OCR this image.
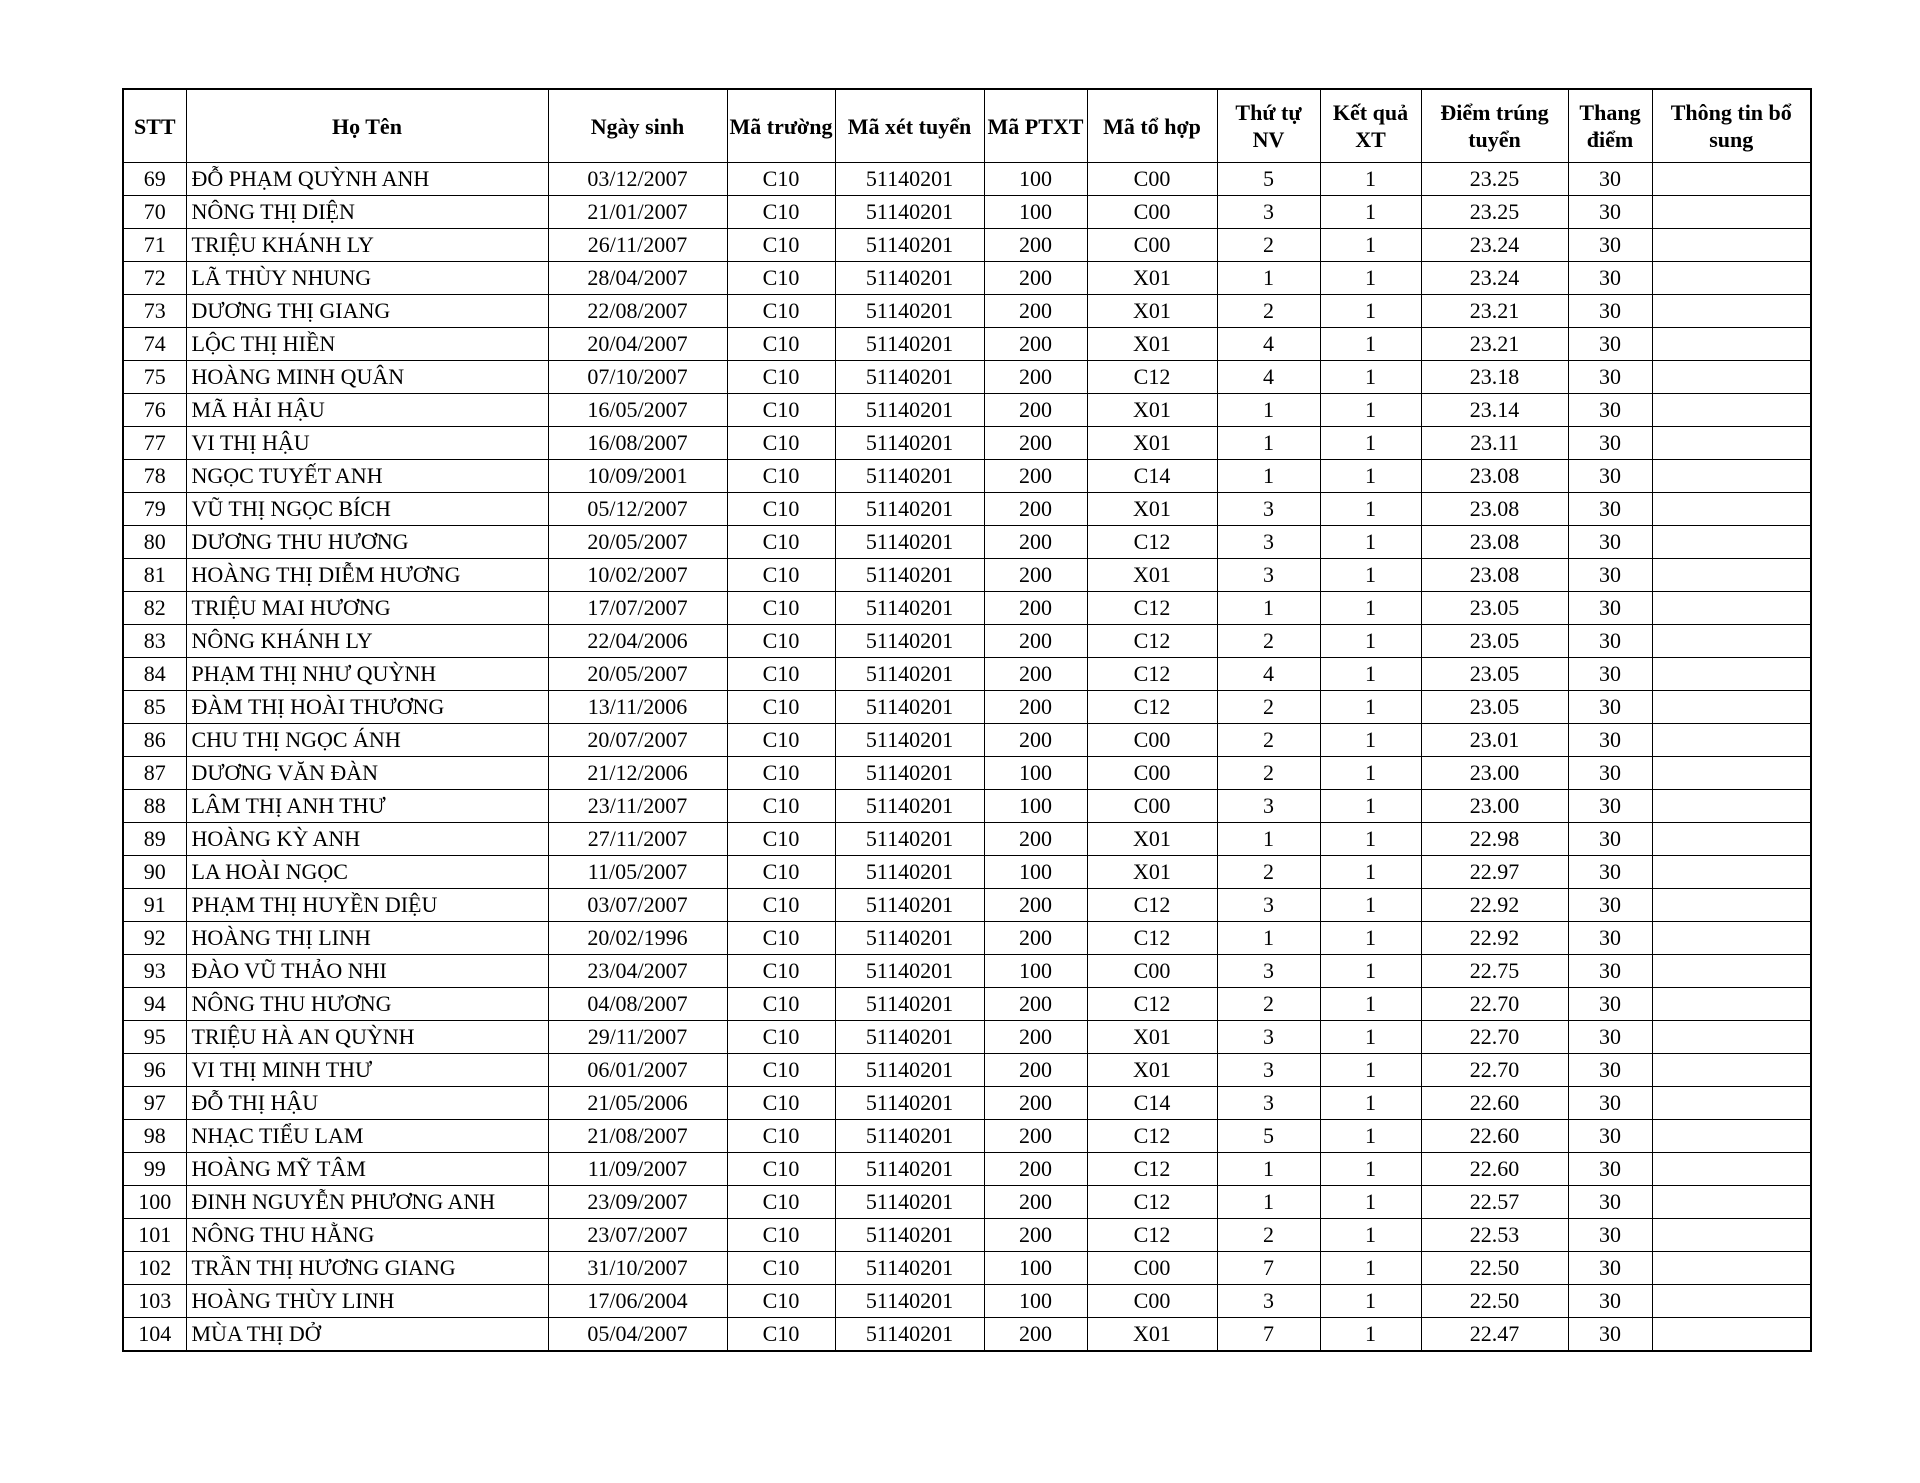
STT	Họ Tên	Ngày sinh	Mã trường	Mã xét tuyển	Mã PTXT	Mã tổ hợp	Thứ tự NV	Kết quả XT	Điểm trúng tuyển	Thang điểm	Thông tin bổ sung
69	ĐỖ PHẠM QUỲNH ANH	03/12/2007	C10	51140201	100	C00	5	1	23.25	30	
70	NÔNG THỊ DIỆN	21/01/2007	C10	51140201	100	C00	3	1	23.25	30	
71	TRIỆU KHÁNH LY	26/11/2007	C10	51140201	200	C00	2	1	23.24	30	
72	LÃ THÙY NHUNG	28/04/2007	C10	51140201	200	X01	1	1	23.24	30	
73	DƯƠNG THỊ GIANG	22/08/2007	C10	51140201	200	X01	2	1	23.21	30	
74	LỘC THỊ HIỀN	20/04/2007	C10	51140201	200	X01	4	1	23.21	30	
75	HOÀNG MINH QUÂN	07/10/2007	C10	51140201	200	C12	4	1	23.18	30	
76	MÃ HẢI HẬU	16/05/2007	C10	51140201	200	X01	1	1	23.14	30	
77	VI THỊ HẬU	16/08/2007	C10	51140201	200	X01	1	1	23.11	30	
78	NGỌC TUYẾT ANH	10/09/2001	C10	51140201	200	C14	1	1	23.08	30	
79	VŨ THỊ NGỌC BÍCH	05/12/2007	C10	51140201	200	X01	3	1	23.08	30	
80	DƯƠNG THU HƯƠNG	20/05/2007	C10	51140201	200	C12	3	1	23.08	30	
81	HOÀNG THỊ DIỄM HƯƠNG	10/02/2007	C10	51140201	200	X01	3	1	23.08	30	
82	TRIỆU MAI HƯƠNG	17/07/2007	C10	51140201	200	C12	1	1	23.05	30	
83	NÔNG KHÁNH LY	22/04/2006	C10	51140201	200	C12	2	1	23.05	30	
84	PHẠM THỊ NHƯ QUỲNH	20/05/2007	C10	51140201	200	C12	4	1	23.05	30	
85	ĐÀM THỊ HOÀI THƯƠNG	13/11/2006	C10	51140201	200	C12	2	1	23.05	30	
86	CHU THỊ NGỌC ÁNH	20/07/2007	C10	51140201	200	C00	2	1	23.01	30	
87	DƯƠNG VĂN ĐÀN	21/12/2006	C10	51140201	100	C00	2	1	23.00	30	
88	LÂM THỊ ANH THƯ	23/11/2007	C10	51140201	100	C00	3	1	23.00	30	
89	HOÀNG KỲ ANH	27/11/2007	C10	51140201	200	X01	1	1	22.98	30	
90	LA HOÀI NGỌC	11/05/2007	C10	51140201	100	X01	2	1	22.97	30	
91	PHẠM THỊ HUYỀN DIỆU	03/07/2007	C10	51140201	200	C12	3	1	22.92	30	
92	HOÀNG THỊ LINH	20/02/1996	C10	51140201	200	C12	1	1	22.92	30	
93	ĐÀO VŨ THẢO NHI	23/04/2007	C10	51140201	100	C00	3	1	22.75	30	
94	NÔNG THU HƯƠNG	04/08/2007	C10	51140201	200	C12	2	1	22.70	30	
95	TRIỆU HÀ AN QUỲNH	29/11/2007	C10	51140201	200	X01	3	1	22.70	30	
96	VI THỊ MINH THƯ	06/01/2007	C10	51140201	200	X01	3	1	22.70	30	
97	ĐỖ THỊ HẬU	21/05/2006	C10	51140201	200	C14	3	1	22.60	30	
98	NHẠC TIỂU LAM	21/08/2007	C10	51140201	200	C12	5	1	22.60	30	
99	HOÀNG MỸ TÂM	11/09/2007	C10	51140201	200	C12	1	1	22.60	30	
100	ĐINH NGUYỄN PHƯƠNG ANH	23/09/2007	C10	51140201	200	C12	1	1	22.57	30	
101	NÔNG THU HẰNG	23/07/2007	C10	51140201	200	C12	2	1	22.53	30	
102	TRẦN THỊ HƯƠNG GIANG	31/10/2007	C10	51140201	100	C00	7	1	22.50	30	
103	HOÀNG THÙY LINH	17/06/2004	C10	51140201	100	C00	3	1	22.50	30	
104	MÙA THỊ DỞ	05/04/2007	C10	51140201	200	X01	7	1	22.47	30	
